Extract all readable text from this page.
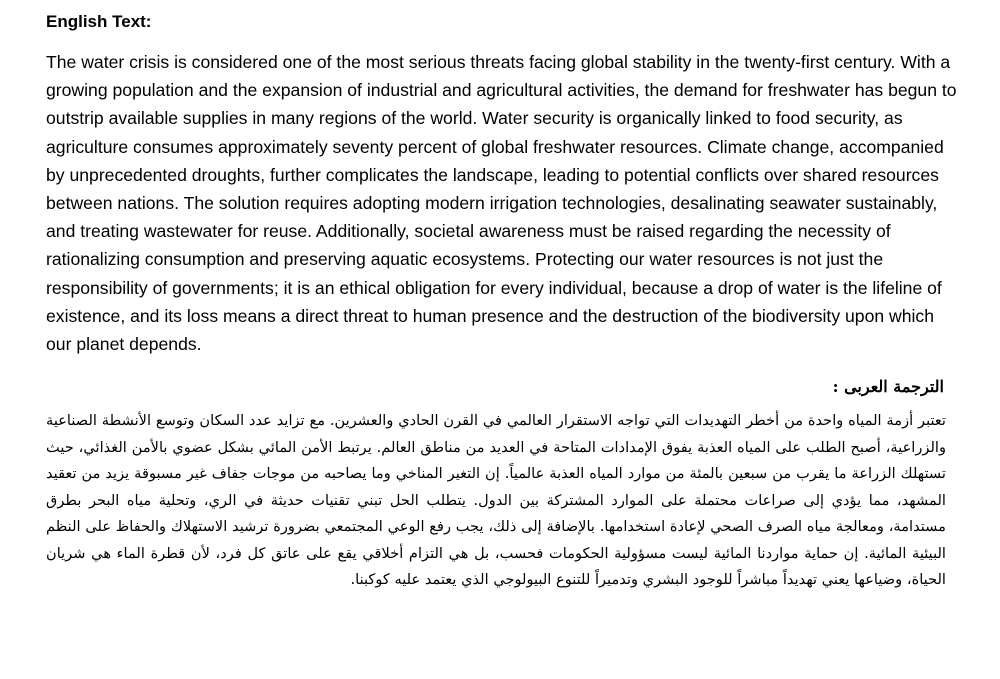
English Text:

The water crisis is considered one of the most serious threats facing global stability in the twenty-first century. With a growing population and the expansion of industrial and agricultural activities, the demand for freshwater has begun to outstrip available supplies in many regions of the world. Water security is organically linked to food security, as agriculture consumes approximately seventy percent of global freshwater resources. Climate change, accompanied by unprecedented droughts, further complicates the landscape, leading to potential conflicts over shared resources between nations. The solution requires adopting modern irrigation technologies, desalinating seawater sustainably, and treating wastewater for reuse. Additionally, societal awareness must be raised regarding the necessity of rationalizing consumption and preserving aquatic ecosystems. Protecting our water resources is not just the responsibility of governments; it is an ethical obligation for every individual, because a drop of water is the lifeline of existence, and its loss means a direct threat to human presence and the destruction of the biodiversity upon which our planet depends.

الترجمة العربى :

تعتبر أزمة المياه واحدة من أخطر التهديدات التي تواجه الاستقرار العالمي في القرن الحادي والعشرين. مع تزايد عدد السكان وتوسع الأنشطة الصناعية والزراعية، أصبح الطلب على المياه العذبة يفوق الإمدادات المتاحة في العديد من مناطق العالم. يرتبط الأمن المائي بشكل عضوي بالأمن الغذائي، حيث تستهلك الزراعة ما يقرب من سبعين بالمئة من موارد المياه العذبة عالمياً. إن التغير المناخي وما يصاحبه من موجات جفاف غير مسبوقة يزيد من تعقيد المشهد، مما يؤدي إلى صراعات محتملة على الموارد المشتركة بين الدول. يتطلب الحل تبني تقنيات حديثة في الري، وتحلية مياه البحر بطرق مستدامة، ومعالجة مياه الصرف الصحي لإعادة استخدامها. بالإضافة إلى ذلك، يجب رفع الوعي المجتمعي بضرورة ترشيد الاستهلاك والحفاظ على النظم البيئية المائية. إن حماية مواردنا المائية ليست مسؤولية الحكومات فحسب، بل هي التزام أخلاقي يقع على عاتق كل فرد، لأن قطرة الماء هي شريان الحياة، وضياعها يعني تهديداً مباشراً للوجود البشري وتدميراً للتنوع البيولوجي الذي يعتمد عليه كوكبنا.
